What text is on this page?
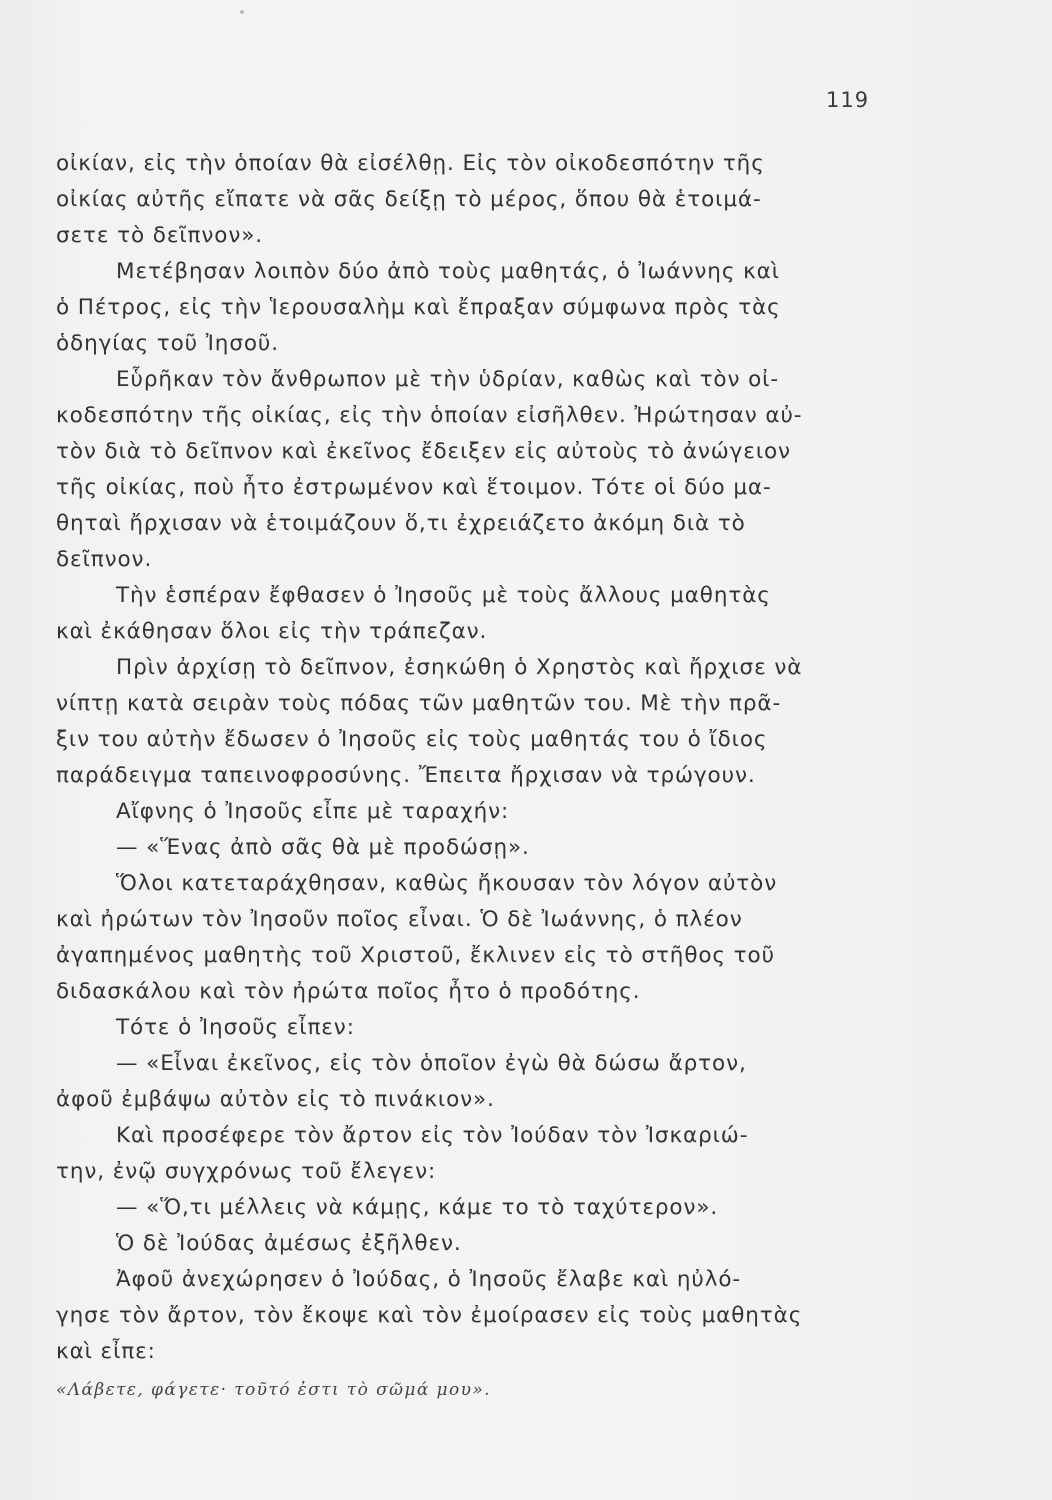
119
οἰκίαν, εἰς τὴν ὁποίαν θὰ εἰσέλθῃ. Εἰς τὸν οἰκοδεσπότην τῆς
οἰκίας αὐτῆς εἴπατε νὰ σᾶς δείξῃ τὸ μέρος, ὅπου θὰ ἑτοιμά-
σετε τὸ δεῖπνον».
Μετέβησαν λοιπὸν δύο ἀπὸ τοὺς μαθητάς, ὁ Ἰωάννης καὶ
ὁ Πέτρος, εἰς τὴν Ἱερουσαλὴμ καὶ ἔπραξαν σύμφωνα πρὸς τὰς
ὁδηγίας τοῦ Ἰησοῦ.
Εὗρῆκαν τὸν ἄνθρωπον μὲ τὴν ὑδρίαν, καθὼς καὶ τὸν οἰ-
κοδεσπότην τῆς οἰκίας, εἰς τὴν ὁποίαν εἰσῆλθεν. Ἠρώτησαν αὐ-
τὸν διὰ τὸ δεῖπνον καὶ ἐκεῖνος ἔδειξεν εἰς αὐτοὺς τὸ ἀνώγειον
τῆς οἰκίας, ποὺ ἦτο ἐστρωμένον καὶ ἕτοιμον. Τότε οἱ δύο μα-
θηταὶ ἤρχισαν νὰ ἑτοιμάζουν ὅ,τι ἐχρειάζετο ἀκόμη διὰ τὸ
δεῖπνον.
Τὴν ἑσπέραν ἔφθασεν ὁ Ἰησοῦς μὲ τοὺς ἄλλους μαθητὰς
καὶ ἐκάθησαν ὅλοι εἰς τὴν τράπεζαν.
Πρὶν ἀρχίσῃ τὸ δεῖπνον, ἐσηκώθη ὁ Χρηστὸς καὶ ἤρχισε νὰ
νίπτῃ κατὰ σειρὰν τοὺς πόδας τῶν μαθητῶν του. Μὲ τὴν πρᾶ-
ξιν του αὐτὴν ἔδωσεν ὁ Ἰησοῦς εἰς τοὺς μαθητάς του ὁ ἴδιος
παράδειγμα ταπεινοφροσύνης. Ἔπειτα ἤρχισαν νὰ τρώγουν.
Αἴφνης ὁ Ἰησοῦς εἶπε μὲ ταραχήν:
— «Ἕνας ἀπὸ σᾶς θὰ μὲ προδώσῃ».
Ὅλοι κατεταράχθησαν, καθὼς ἤκουσαν τὸν λόγον αὐτὸν
καὶ ἠρώτων τὸν Ἰησοῦν ποῖος εἶναι. Ὁ δὲ Ἰωάννης, ὁ πλέον
ἀγαπημένος μαθητὴς τοῦ Χριστοῦ, ἔκλινεν εἰς τὸ στῆθος τοῦ
διδασκάλου καὶ τὸν ἠρώτα ποῖος ἦτο ὁ προδότης.
Τότε ὁ Ἰησοῦς εἶπεν:
— «Εἶναι ἐκεῖνος, εἰς τὸν ὁποῖον ἐγὼ θὰ δώσω ἄρτον,
ἀφοῦ ἐμβάψω αὐτὸν εἰς τὸ πινάκιον».
Καὶ προσέφερε τὸν ἄρτον εἰς τὸν Ἰούδαν τὸν Ἰσκαριώ-
την, ἐνῷ συγχρόνως τοῦ ἔλεγεν:
— «Ὅ,τι μέλλεις νὰ κάμῃς, κάμε το τὸ ταχύτερον».
Ὁ δὲ Ἰούδας ἀμέσως ἐξῆλθεν.
Ἀφοῦ ἀνεχώρησεν ὁ Ἰούδας, ὁ Ἰησοῦς ἔλαβε καὶ ηὐλό-
γησε τὸν ἄρτον, τὸν ἔκοψε καὶ τὸν ἐμοίρασεν εἰς τοὺς μαθητὰς
καὶ εἶπε:
«Λάβετε, φάγετε· τοῦτό ἐστι τὸ σῶμά μου».
